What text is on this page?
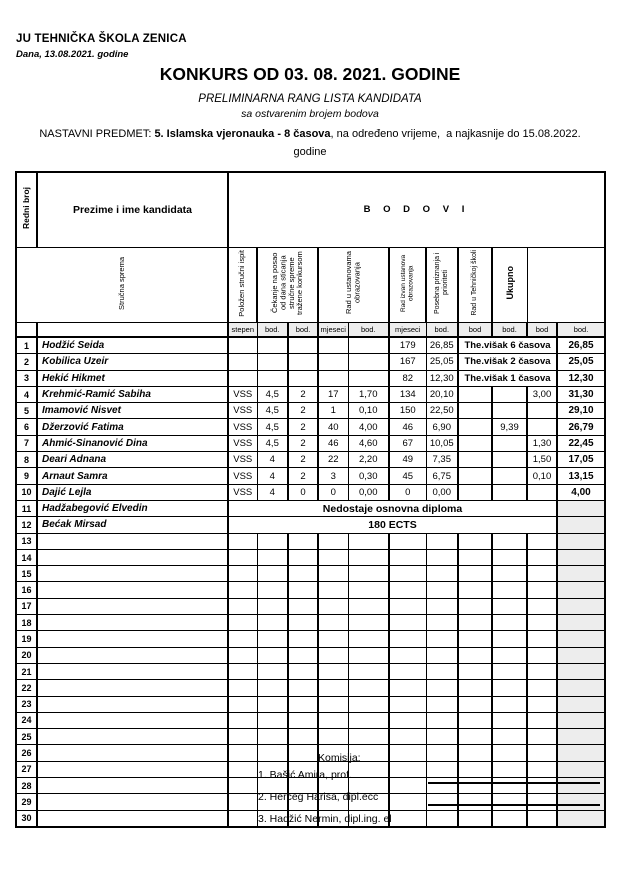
JU TEHNIČKA ŠKOLA ZENICA
Dana, 13.08.2021. godine
KONKURS OD 03. 08. 2021. GODINE
PRELIMINARNA RANG LISTA KANDIDATA
sa ostvarenim brojem bodova
NASTAVNI PREDMET: 5. Islamska vjeronauka - 8 časova, na određeno vrijeme,  a najkasnije do 15.08.2022.
godine
Redni broj	Prezime i ime kandidata											
		B O D O V I										
Stručna sprema		Položen stručni ispit	Čekanje na posao od dana sticanja stručne spreme tražene konkursom		Rad u ustanovama obrazovanja		Rad izvan ustanova obrazovanja	Posebna priznanja i prioriteti	Rad u Tehničkoj školi	Ukupno		
		stepen	bod.	bod.	mjeseci	bod.	mjeseci	bod.	bod	bod.	bod	bod.
1	Hodžić Seida						179	26,85	The.višak 6 časova			26,85
2	Kobilica Uzeir						167	25,05	The.višak 2 časova			25,05
3	Hekić Hikmet						82	12,30	The.višak 1 časova			12,30
4	Krehmić-Ramić Sabiha	VSS	4,5	2	17	1,70	134	20,10			3,00	31,30
5	Imamović Nisvet	VSS	4,5	2	1	0,10	150	22,50				29,10
6	Džerzović Fatima	VSS	4,5	2	40	4,00	46	6,90		9,39		26,79
7	Ahmić-Sinanović Dina	VSS	4,5	2	46	4,60	67	10,05			1,30	22,45
8	Deari Adnana	VSS	4	2	22	2,20	49	7,35			1,50	17,05
9	Arnaut Samra	VSS	4	2	3	0,30	45	6,75			0,10	13,15
10	Dajić Lejla	VSS	4	0	0	0,00	0	0,00				4,00
11	Hadžabegović Elvedin	Nedostaje osnovna diploma										
12	Bećak Mirsad	180 ECTS										
13												
14												
15												
16												
17												
18												
19												
20												
21												
22												
23												
24												
25												
26												
27												
28												
29												
30												
Komisija:
1. Bašić Amira, prof.
2. Herceg Harisa, dipl.ecc
3. Hadžić Nermin, dipl.ing. el
